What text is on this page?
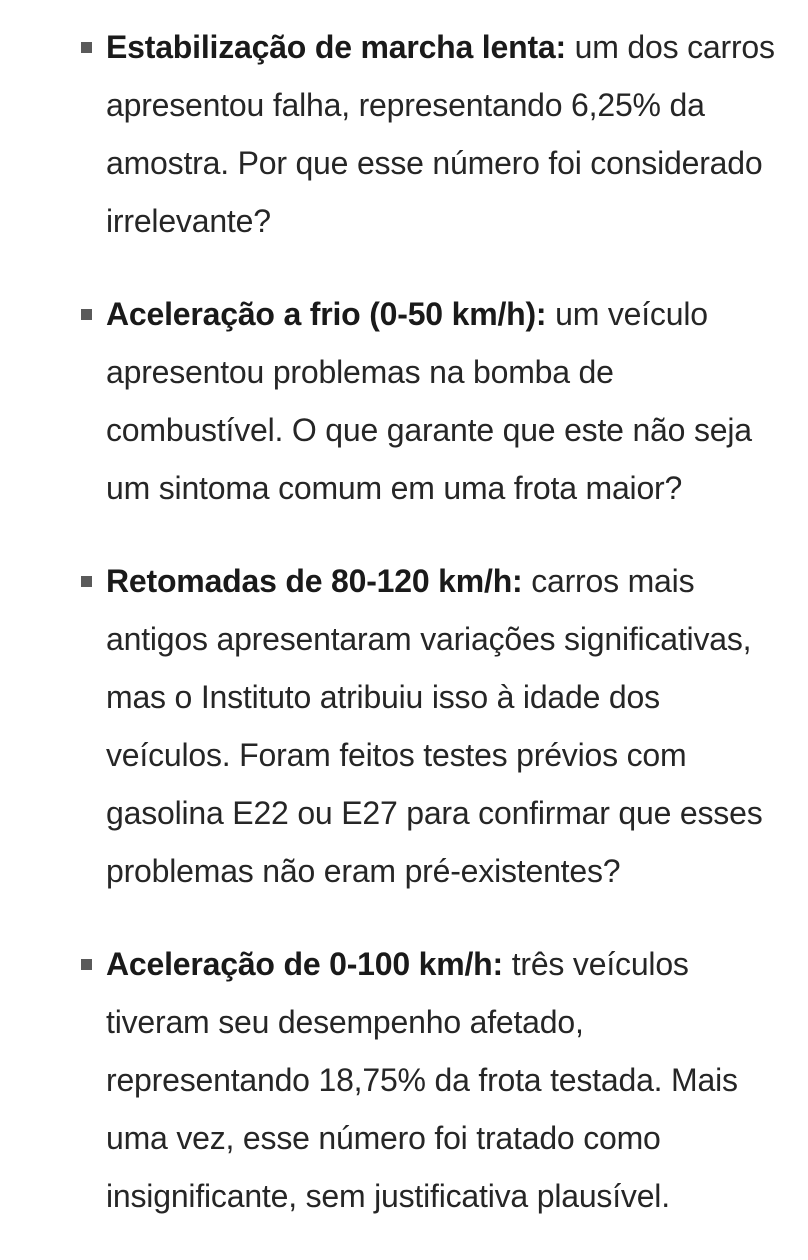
Estabilização de marcha lenta: um dos carros apresentou falha, representando 6,25% da amostra. Por que esse número foi considerado irrelevante?
Aceleração a frio (0-50 km/h): um veículo apresentou problemas na bomba de combustível. O que garante que este não seja um sintoma comum em uma frota maior?
Retomadas de 80-120 km/h: carros mais antigos apresentaram variações significativas, mas o Instituto atribuiu isso à idade dos veículos. Foram feitos testes prévios com gasolina E22 ou E27 para confirmar que esses problemas não eram pré-existentes?
Aceleração de 0-100 km/h: três veículos tiveram seu desempenho afetado, representando 18,75% da frota testada. Mais uma vez, esse número foi tratado como insignificante, sem justificativa plausível.
